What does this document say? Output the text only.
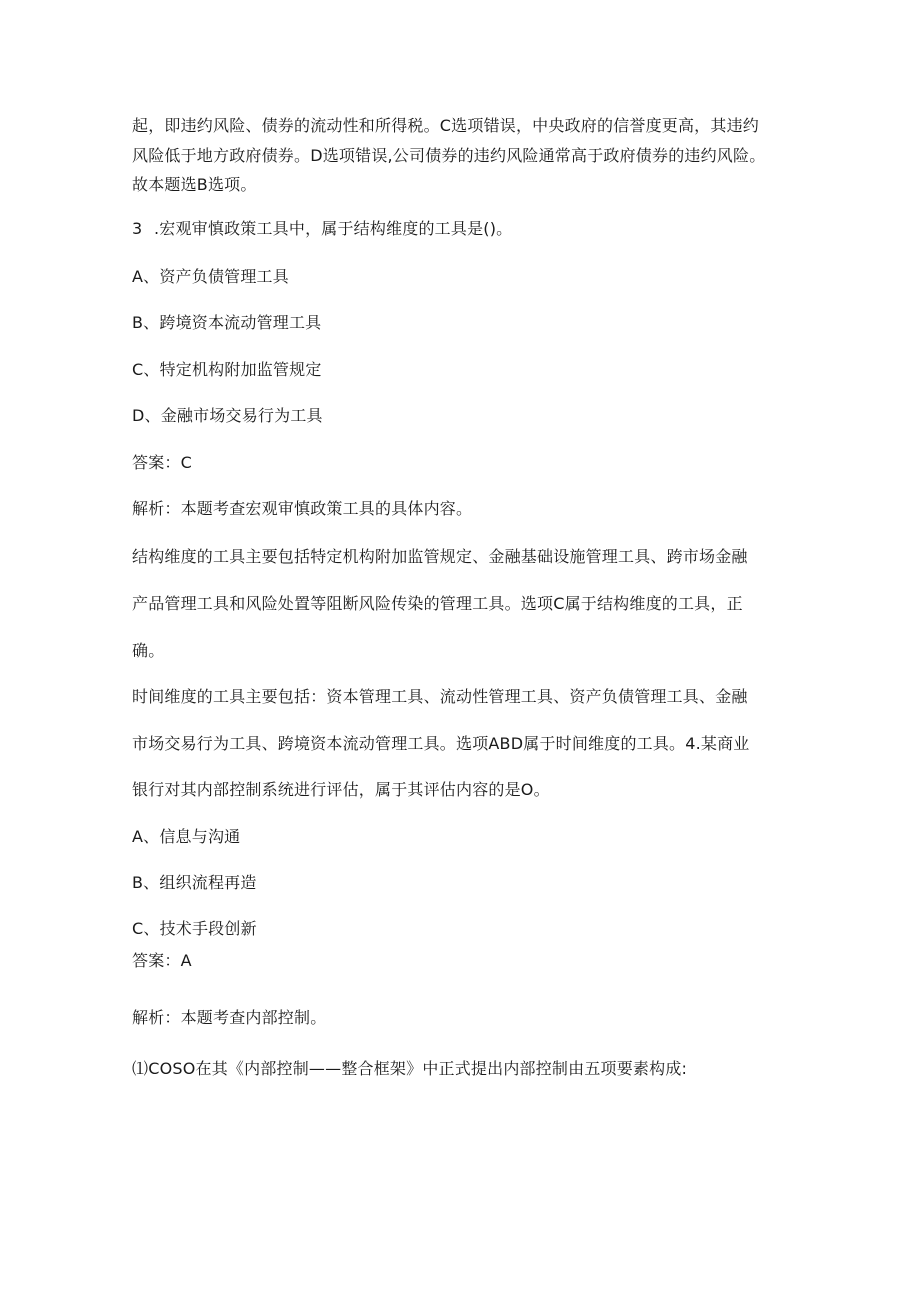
起，即违约风险、债券的流动性和所得税。C选项错误，中央政府的信誉度更高，其违约
风险低于地方政府债券。D选项错误,公司债券的违约风险通常高于政府债券的违约风险。
故本题选B选项。
3 .宏观审慎政策工具中，属于结构维度的工具是()。
A、资产负债管理工具
B、跨境资本流动管理工具
C、特定机构附加监管规定
D、金融市场交易行为工具
答案：C
解析：本题考查宏观审慎政策工具的具体内容。
结构维度的工具主要包括特定机构附加监管规定、金融基础设施管理工具、跨市场金融
产品管理工具和风险处置等阻断风险传染的管理工具。选项C属于结构维度的工具，正
确。
时间维度的工具主要包括：资本管理工具、流动性管理工具、资产负债管理工具、金融
市场交易行为工具、跨境资本流动管理工具。选项ABD属于时间维度的工具。4.某商业
银行对其内部控制系统进行评估，属于其评估内容的是O。
A、信息与沟通
B、组织流程再造
C、技术手段创新
答案：A
解析：本题考查内部控制。
⑴COSO在其《内部控制——整合框架》中正式提出内部控制由五项要素构成:
